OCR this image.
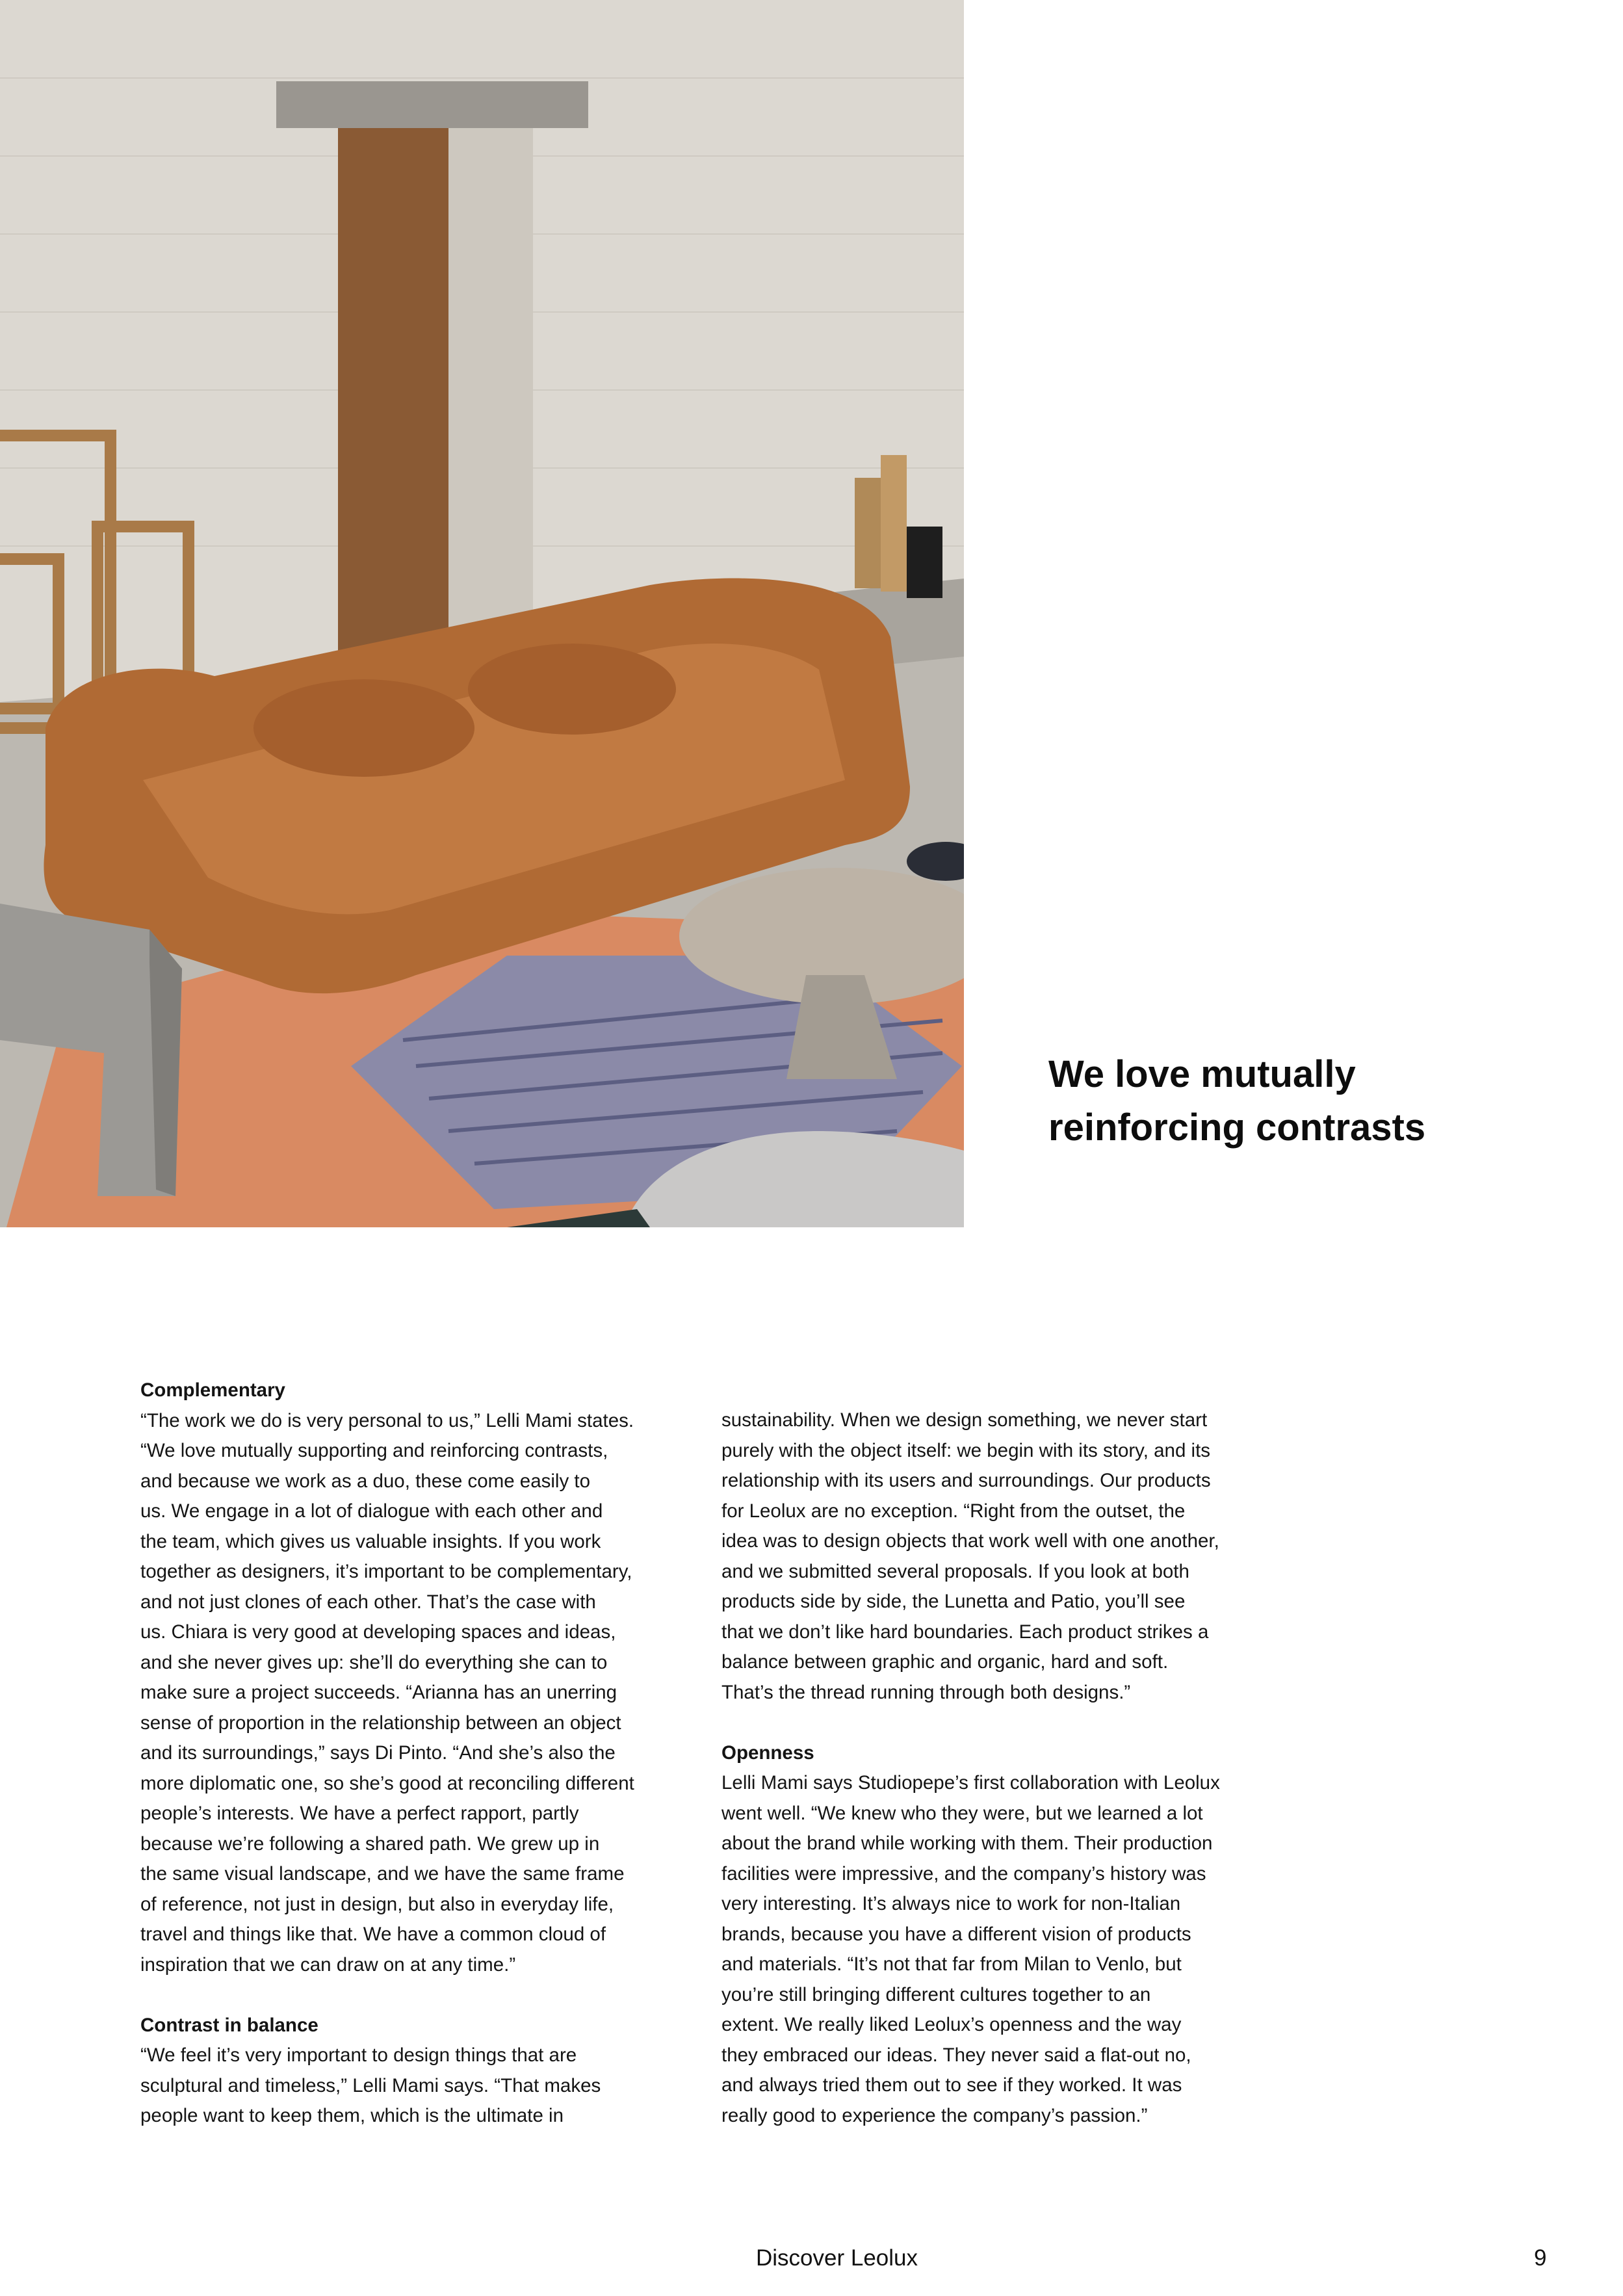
We love mutually
reinforcing contrasts
Complementary
“The work we do is very personal to us,” Lelli Mami states.
“We love mutually supporting and reinforcing contrasts,
and because we work as a duo, these come easily to
us. We engage in a lot of dialogue with each other and
the team, which gives us valuable insights. If you work
together as designers, it’s important to be complementary,
and not just clones of each other. That’s the case with
us. Chiara is very good at developing spaces and ideas,
and she never gives up: she’ll do everything she can to
make sure a project succeeds. “Arianna has an unerring
sense of proportion in the relationship between an object
and its surroundings,” says Di Pinto. “And she’s also the
more diplomatic one, so she’s good at reconciling different
people’s interests. We have a perfect rapport, partly
because we’re following a shared path. We grew up in
the same visual landscape, and we have the same frame
of reference, not just in design, but also in everyday life,
travel and things like that. We have a common cloud of
inspiration that we can draw on at any time.”
Contrast in balance
“We feel it’s very important to design things that are
sculptural and timeless,” Lelli Mami says. “That makes
people want to keep them, which is the ultimate in
sustainability. When we design something, we never start
purely with the object itself: we begin with its story, and its
relationship with its users and surroundings. Our products
for Leolux are no exception. “Right from the outset, the
idea was to design objects that work well with one another,
and we submitted several proposals. If you look at both
products side by side, the Lunetta and Patio, you’ll see
that we don’t like hard boundaries. Each product strikes a
balance between graphic and organic, hard and soft.
That’s the thread running through both designs.”
Openness
Lelli Mami says Studiopepe’s first collaboration with Leolux
went well. “We knew who they were, but we learned a lot
about the brand while working with them. Their production
facilities were impressive, and the company’s history was
very interesting. It’s always nice to work for non-Italian
brands, because you have a different vision of products
and materials. “It’s not that far from Milan to Venlo, but
you’re still bringing different cultures together to an
extent. We really liked Leolux’s openness and the way
they embraced our ideas. They never said a flat-out no,
and always tried them out to see if they worked. It was
really good to experience the company’s passion.”
Discover Leolux	9
